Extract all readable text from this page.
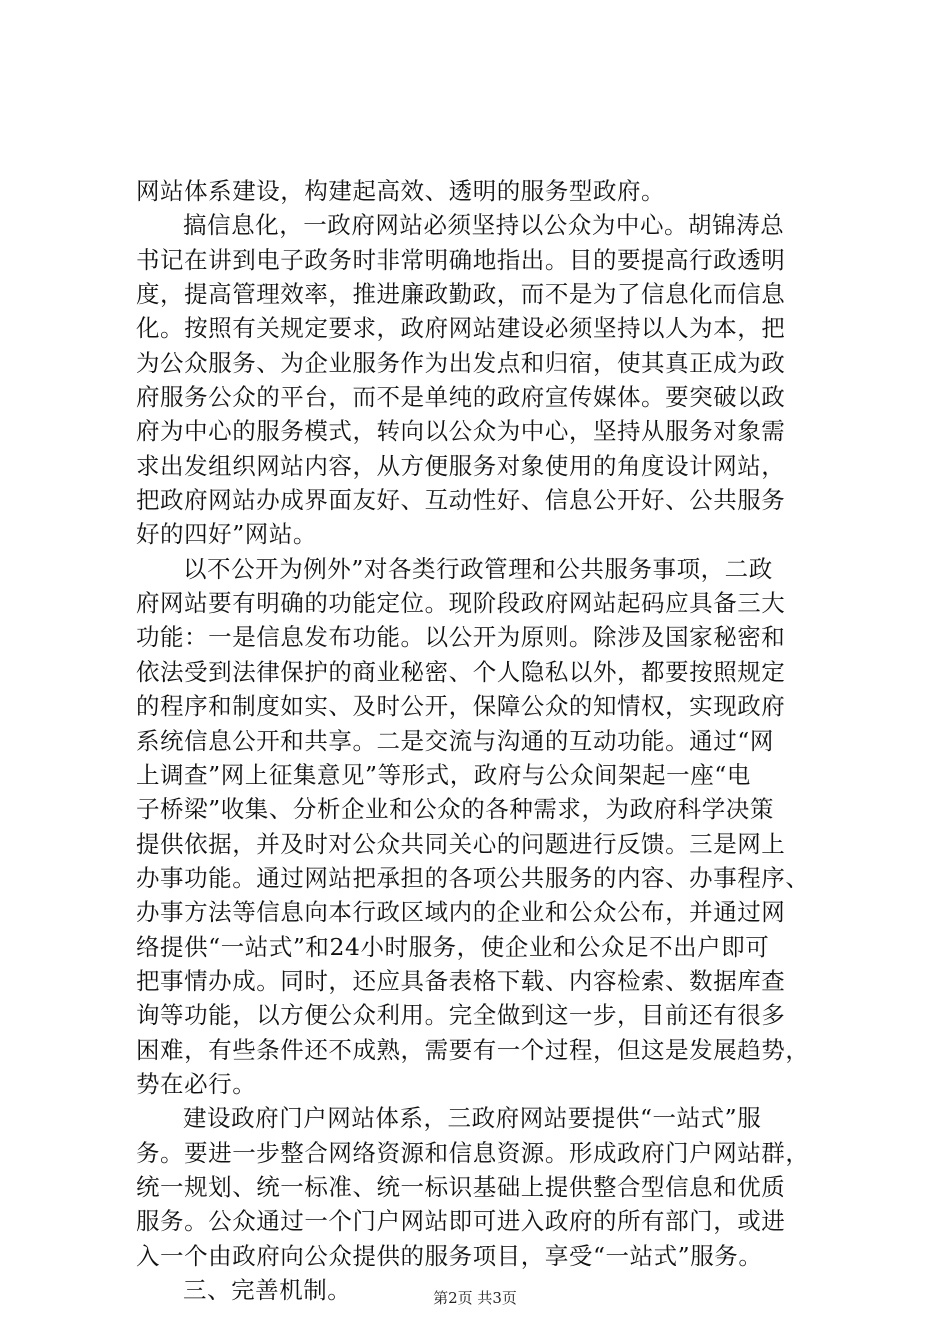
网站体系建设，构建起高效、透明的服务型政府。
搞信息化，一政府网站必须坚持以公众为中心。胡锦涛总
书记在讲到电子政务时非常明确地指出。目的要提高行政透明
度，提高管理效率，推进廉政勤政，而不是为了信息化而信息
化。按照有关规定要求，政府网站建设必须坚持以人为本，把
为公众服务、为企业服务作为出发点和归宿，使其真正成为政
府服务公众的平台，而不是单纯的政府宣传媒体。要突破以政
府为中心的服务模式，转向以公众为中心，坚持从服务对象需
求出发组织网站内容，从方便服务对象使用的角度设计网站，
把政府网站办成界面友好、互动性好、信息公开好、公共服务
好的四好”网站。
以不公开为例外”对各类行政管理和公共服务事项，二政
府网站要有明确的功能定位。现阶段政府网站起码应具备三大
功能：一是信息发布功能。以公开为原则。除涉及国家秘密和
依法受到法律保护的商业秘密、个人隐私以外，都要按照规定
的程序和制度如实、及时公开，保障公众的知情权，实现政府
系统信息公开和共享。二是交流与沟通的互动功能。通过“网
上调查”网上征集意见”等形式，政府与公众间架起一座“电
子桥梁”收集、分析企业和公众的各种需求，为政府科学决策
提供依据，并及时对公众共同关心的问题进行反馈。三是网上
办事功能。通过网站把承担的各项公共服务的内容、办事程序、
办事方法等信息向本行政区域内的企业和公众公布，并通过网
络提供“一站式”和24小时服务，使企业和公众足不出户即可
把事情办成。同时，还应具备表格下载、内容检索、数据库查
询等功能，以方便公众利用。完全做到这一步，目前还有很多
困难，有些条件还不成熟，需要有一个过程，但这是发展趋势，
势在必行。
建设政府门户网站体系，三政府网站要提供“一站式”服
务。要进一步整合网络资源和信息资源。形成政府门户网站群，
统一规划、统一标准、统一标识基础上提供整合型信息和优质
服务。公众通过一个门户网站即可进入政府的所有部门，或进
入一个由政府向公众提供的服务项目，享受“一站式”服务。
三、完善机制。	第2页 共3页
